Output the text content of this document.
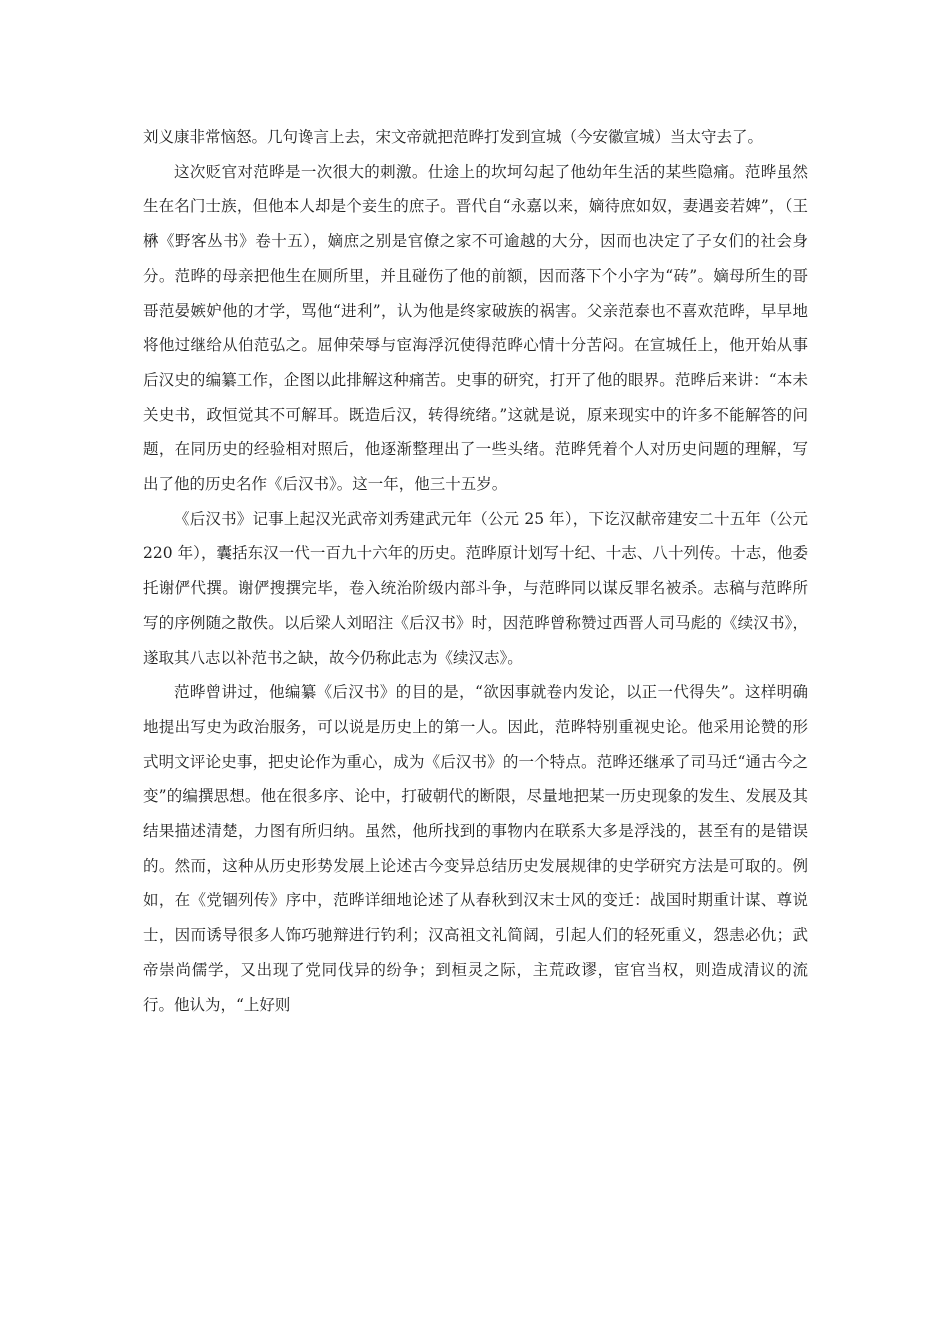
刘义康非常恼怒。几句谗言上去，宋文帝就把范晔打发到宣城（今安徽宣城）当太守去了。

这次贬官对范晔是一次很大的刺激。仕途上的坎坷勾起了他幼年生活的某些隐痛。范晔虽然生在名门士族，但他本人却是个妾生的庶子。晋代自“永嘉以来，嫡待庶如奴，妻遇妾若婢”，（王楙《野客丛书》卷十五），嫡庶之别是官僚之家不可逾越的大分，因而也决定了子女们的社会身分。范晔的母亲把他生在厕所里，并且碰伤了他的前额，因而落下个小字为“砖”。嫡母所生的哥哥范晏嫉妒他的才学，骂他“进利”，认为他是终家破族的祸害。父亲范泰也不喜欢范晔，早早地将他过继给从伯范弘之。屈伸荣辱与宦海浮沉使得范晔心情十分苦闷。在宣城任上，他开始从事后汉史的编纂工作，企图以此排解这种痛苦。史事的研究，打开了他的眼界。范晔后来讲：“本未关史书，政恒觉其不可解耳。既造后汉，转得统绪。”这就是说，原来现实中的许多不能解答的问题，在同历史的经验相对照后，他逐渐整理出了一些头绪。范晔凭着个人对历史问题的理解，写出了他的历史名作《后汉书》。这一年，他三十五岁。

《后汉书》记事上起汉光武帝刘秀建武元年（公元 25 年），下讫汉献帝建安二十五年（公元 220 年），囊括东汉一代一百九十六年的历史。范晔原计划写十纪、十志、八十列传。十志，他委托谢俨代撰。谢俨搜撰完毕，卷入统治阶级内部斗争，与范晔同以谋反罪名被杀。志稿与范晔所写的序例随之散佚。以后梁人刘昭注《后汉书》时，因范晔曾称赞过西晋人司马彪的《续汉书》，遂取其八志以补范书之缺，故今仍称此志为《续汉志》。

范晔曾讲过，他编纂《后汉书》的目的是，“欲因事就卷内发论，以正一代得失”。这样明确地提出写史为政治服务，可以说是历史上的第一人。因此，范晔特别重视史论。他采用论赞的形式明文评论史事，把史论作为重心，成为《后汉书》的一个特点。范晔还继承了司马迁“通古今之变”的编撰思想。他在很多序、论中，打破朝代的断限，尽量地把某一历史现象的发生、发展及其结果描述清楚，力图有所归纳。虽然，他所找到的事物内在联系大多是浮浅的，甚至有的是错误的。然而，这种从历史形势发展上论述古今变异总结历史发展规律的史学研究方法是可取的。例如，在《党锢列传》序中，范晔详细地论述了从春秋到汉末士风的变迁：战国时期重计谋、尊说士，因而诱导很多人饰巧驰辩进行钓利；汉高祖文礼简阔，引起人们的轻死重义，怨恚必仇；武帝崇尚儒学，又出现了党同伐异的纷争；到桓灵之际，主荒政谬，宦官当权，则造成清议的流行。他认为，“上好则
